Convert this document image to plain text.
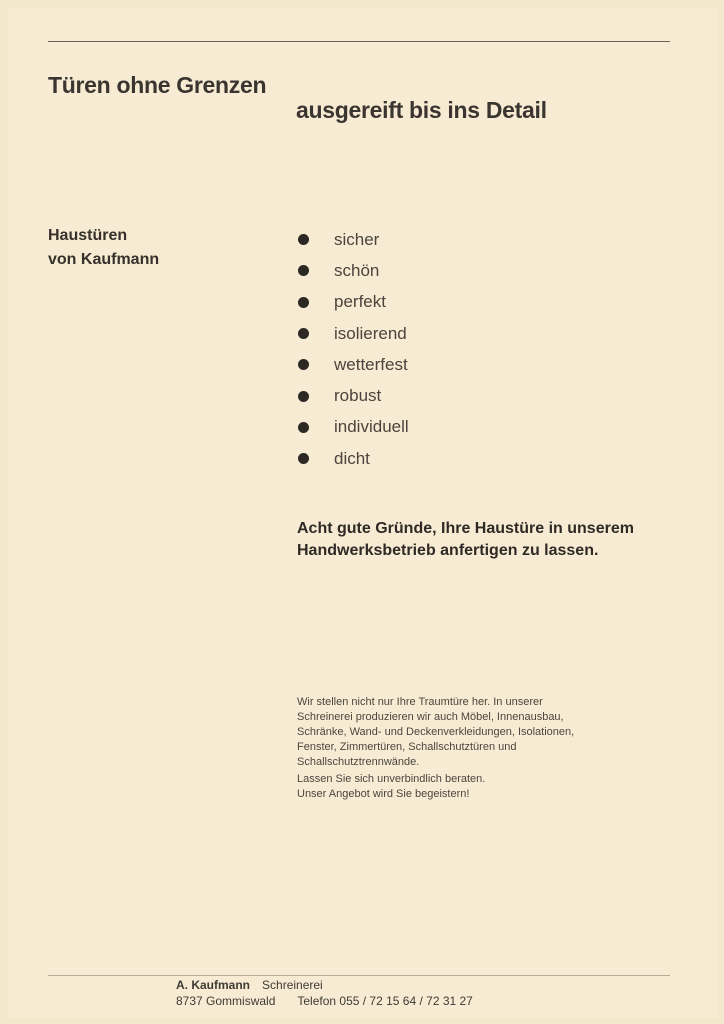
Türen ohne Grenzen
ausgereift bis ins Detail
Haustüren
von Kaufmann
sicher
schön
perfekt
isolierend
wetterfest
robust
individuell
dicht
Acht gute Gründe, Ihre Haustüre in unserem
Handwerksbetrieb anfertigen zu lassen.
Wir stellen nicht nur Ihre Traumtüre her. In unserer
Schreinerei produzieren wir auch Möbel, Innenausbau,
Schränke, Wand- und Deckenverkleidungen, Isolationen,
Fenster, Zimmertüren, Schallschutztüren und
Schallschutztrennwände.
Lassen Sie sich unverbindlich beraten.
Unser Angebot wird Sie begeistern!
A. Kaufmann Schreinerei
8737 Gommiswald Telefon 055 / 72 15 64 / 72 31 27
